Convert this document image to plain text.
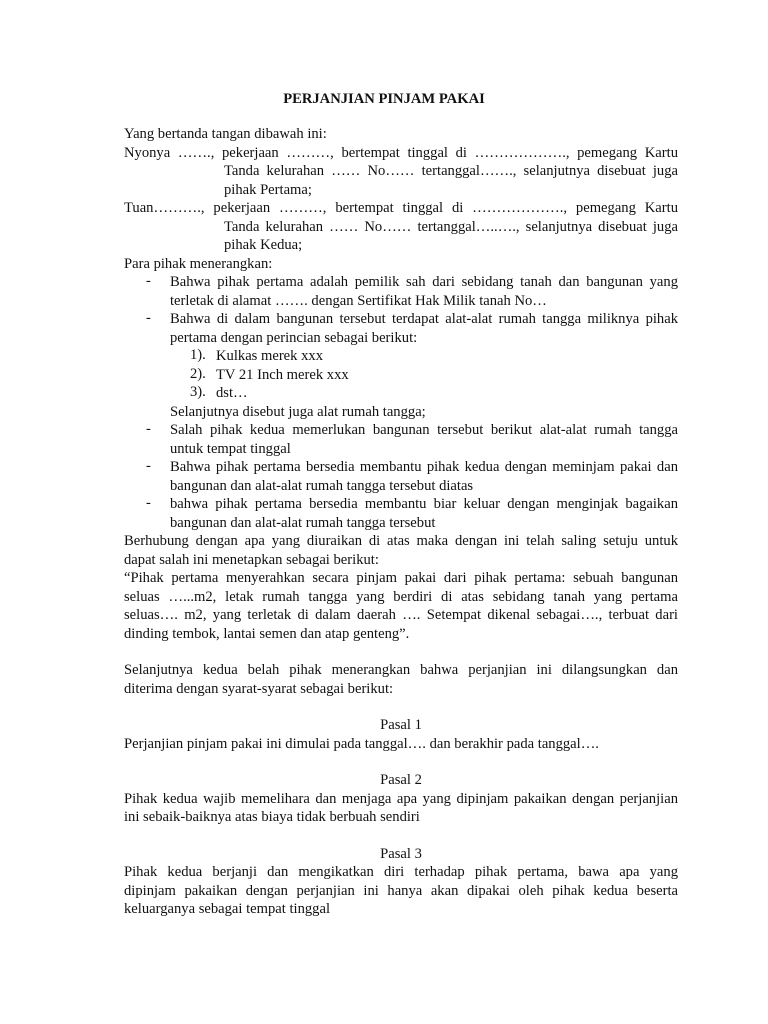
PERJANJIAN PINJAM PAKAI
Yang bertanda tangan dibawah ini:
Nyonya ……., pekerjaan ………, bertempat tinggal di ………………., pemegang Kartu
Tanda kelurahan …… No…… tertanggal……., selanjutnya disebuat juga
pihak Pertama;
Tuan………., pekerjaan ………, bertempat tinggal di ………………., pemegang Kartu
Tanda kelurahan …… No…… tertanggal…..…., selanjutnya disebuat juga
pihak Kedua;
Para pihak menerangkan:
- Bahwa pihak pertama adalah pemilik sah dari sebidang tanah dan bangunan yang
terletak di alamat ……. dengan Sertifikat Hak Milik tanah No…
- Bahwa di dalam bangunan tersebut terdapat alat-alat rumah tangga miliknya pihak
pertama dengan perincian sebagai berikut:
1). Kulkas merek xxx
2). TV 21 Inch merek xxx
3). dst…
Selanjutnya disebut juga alat rumah tangga;
- Salah pihak kedua memerlukan bangunan tersebut berikut alat-alat rumah tangga
untuk tempat tinggal
- Bahwa pihak pertama bersedia membantu pihak kedua dengan meminjam pakai dan
bangunan dan alat-alat rumah tangga tersebut diatas
- bahwa pihak pertama bersedia membantu biar keluar dengan menginjak bagaikan
bangunan dan alat-alat rumah tangga tersebut
Berhubung dengan apa yang diuraikan di atas maka dengan ini telah saling setuju untuk
dapat salah ini menetapkan sebagai berikut:
“Pihak pertama menyerahkan secara pinjam pakai dari pihak pertama: sebuah bangunan
seluas …...m2, letak rumah tangga yang berdiri di atas sebidang tanah yang pertama
seluas…. m2, yang terletak di dalam daerah …. Setempat dikenal sebagai…., terbuat dari
dinding tembok, lantai semen dan atap genteng”.
Selanjutnya kedua belah pihak menerangkan bahwa perjanjian ini dilangsungkan dan
diterima dengan syarat-syarat sebagai berikut:
Pasal 1
Perjanjian pinjam pakai ini dimulai pada tanggal…. dan berakhir pada tanggal….
Pasal 2
Pihak kedua wajib memelihara dan menjaga apa yang dipinjam pakaikan dengan perjanjian
ini sebaik-baiknya atas biaya tidak berbuah sendiri
Pasal 3
Pihak kedua berjanji dan mengikatkan diri terhadap pihak pertama, bawa apa yang
dipinjam pakaikan dengan perjanjian ini hanya akan dipakai oleh pihak kedua beserta
keluarganya sebagai tempat tinggal
